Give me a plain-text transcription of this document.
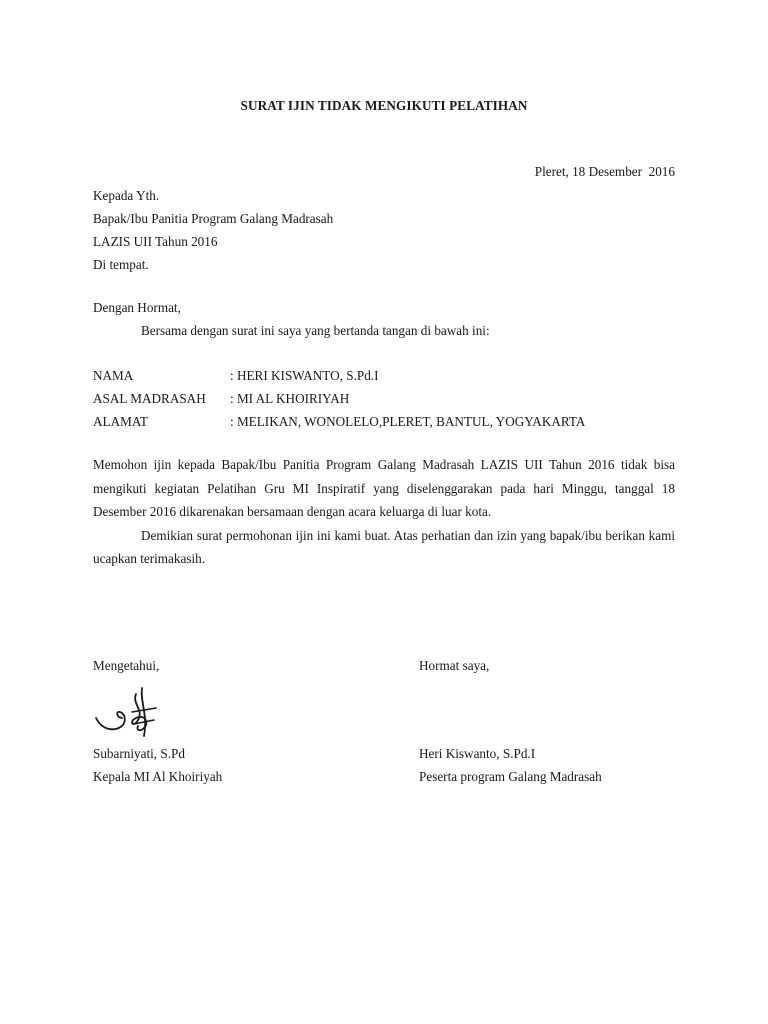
SURAT IJIN TIDAK MENGIKUTI PELATIHAN
Pleret, 18 Desember  2016
Kepada Yth.
Bapak/Ibu Panitia Program Galang Madrasah
LAZIS UII Tahun 2016
Di tempat.
Dengan Hormat,
Bersama dengan surat ini saya yang bertanda tangan di bawah ini:
NAMA	: HERI KISWANTO, S.Pd.I
ASAL MADRASAH : MI AL KHOIRIYAH
ALAMAT	: MELIKAN, WONOLELO,PLERET, BANTUL, YOGYAKARTA

Memohon ijin kepada Bapak/Ibu Panitia Program Galang Madrasah LAZIS UII Tahun 2016 tidak bisa mengikuti kegiatan Pelatihan Gru MI Inspiratif yang diselenggarakan pada hari Minggu, tanggal 18 Desember 2016 dikarenakan bersamaan dengan acara keluarga di luar kota.

Demikian surat permohonan ijin ini kami buat. Atas perhatian dan izin yang bapak/ibu berikan kami ucapkan terimakasih.

Mengetahui,	Hormat saya,
Subarniyati, S.Pd
Kepala MI Al Khoiriyah
Heri Kiswanto, S.Pd.I
Peserta program Galang Madrasah
